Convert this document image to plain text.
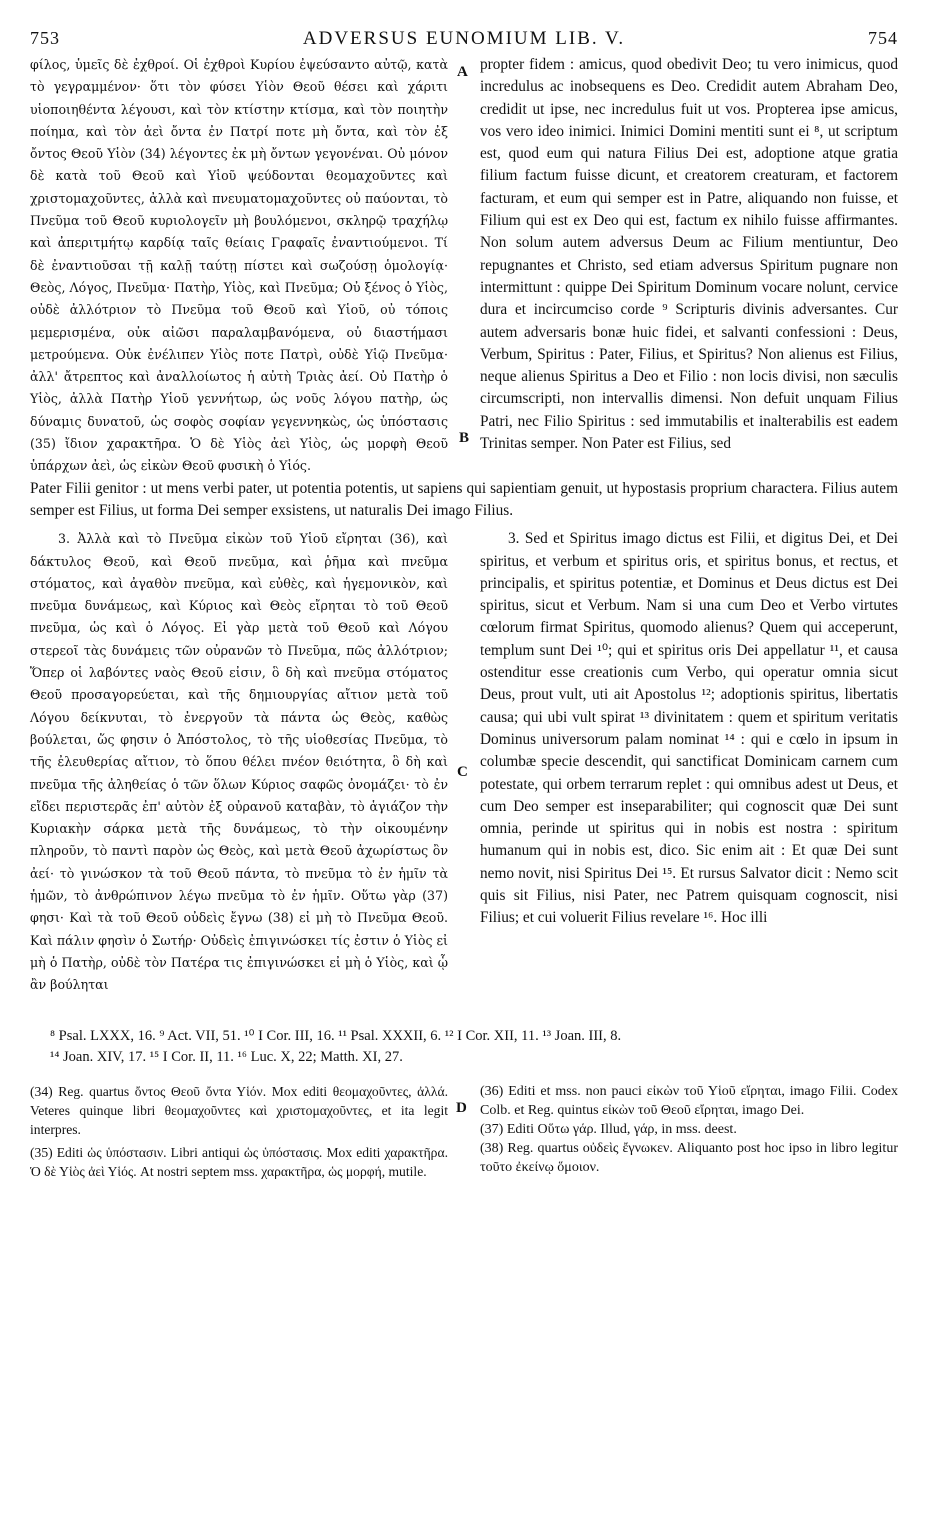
753	ADVERSUS EUNOMIUM LIB. V.	754

φίλος, ὑμεῖς δὲ ἐχθροί. Οἱ ἐχθροὶ Κυρίου ἐψεύσαντο αὐτῷ, κατὰ τὸ γεγραμμένον· ὅτι τὸν φύσει Υἱὸν Θεοῦ θέσει καὶ χάριτι υἱοποιηθέντα λέγουσι, καὶ τὸν κτίστην κτίσμα, καὶ τὸν ποιητὴν ποίημα, καὶ τὸν ἀεὶ ὄντα ἐν Πατρί ποτε μὴ ὄντα, καὶ τὸν ἐξ ὄντος Θεοῦ Υἱὸν (34) λέγοντες ἐκ μὴ ὄντων γεγονέναι. Οὐ μόνον δὲ κατὰ τοῦ Θεοῦ καὶ Υἱοῦ ψεύδονται θεομαχοῦντες καὶ χριστομαχοῦντες, ἀλλὰ καὶ πνευματομαχοῦντες οὐ παύονται, τὸ Πνεῦμα τοῦ Θεοῦ κυριολογεῖν μὴ βουλόμενοι, σκληρῷ τραχήλῳ καὶ ἀπεριτμήτῳ καρδίᾳ ταῖς θείαις Γραφαῖς ἐναντιούμενοι. Τί δὲ ἐναντιοῦσαι τῇ καλῇ ταύτῃ πίστει καὶ σωζούσῃ ὁμολογίᾳ· Θεὸς, Λόγος, Πνεῦμα· Πατὴρ, Υἱὸς, καὶ Πνεῦμα; Οὐ ξένος ὁ Υἱὸς, οὐδὲ ἀλλότριον τὸ Πνεῦμα τοῦ Θεοῦ καὶ Υἱοῦ, οὐ τόποις μεμερισμένα, οὐκ αἰῶσι παραλαμβανόμενα, οὐ διαστήμασι μετρούμενα. Οὐκ ἐνέλιπεν Υἱὸς ποτε Πατρὶ, οὐδὲ Υἱῷ Πνεῦμα· ἀλλ' ἄτρεπτος καὶ ἀναλλοίωτος ἡ αὐτὴ Τριὰς ἀεί. Οὐ Πατὴρ ὁ Υἱὸς, ἀλλὰ Πατὴρ Υἱοῦ γεννήτωρ, ὡς νοῦς λόγου πατὴρ, ὡς δύναμις δυνατοῦ, ὡς σοφὸς σοφίαν γεγεννηκὼς, ὡς ὑπόστασις (35) ἴδιον χαρακτῆρα. Ὁ δὲ Υἱὸς ἀεὶ Υἱὸς, ὡς μορφὴ Θεοῦ ὑπάρχων ἀεὶ, ὡς εἰκὼν Θεοῦ φυσικὴ ὁ Υἱός.

propter fidem : amicus, quod obedivit Deo; tu vero inimicus, quod incredulus ac inobsequens es Deo. Credidit autem Abraham Deo, credidit ut ipse, nec incredulus fuit ut vos. Propterea ipse amicus, vos vero ideo inimici. Inimici Domini mentiti sunt ei ⁸, ut scriptum est, quod eum qui natura Filius Dei est, adoptione atque gratia filium factum fuisse dicunt, et creatorem creaturam, et factorem facturam, et eum qui semper est in Patre, aliquando non fuisse, et Filium qui est ex Deo qui est, factum ex nihilo fuisse affirmantes. Non solum autem adversus Deum ac Filium mentiuntur, Deo repugnantes et Christo, sed etiam adversus Spiritum pugnare non intermittunt : quippe Dei Spiritum Dominum vocare nolunt, cervice dura et incircumciso corde ⁹ Scripturis divinis adversantes. Cur autem adversaris bonæ huic fidei, et salvanti confessioni : Deus, Verbum, Spiritus : Pater, Filius, et Spiritus? Non alienus est Filius, neque alienus Spiritus a Deo et Filio : non locis divisi, non sæculis circumscripti, non intervallis dimensi. Non defuit unquam Filius Patri, nec Filio Spiritus : sed immutabilis et inalterabilis est eadem Trinitas semper. Non Pater est Filius, sed

Pater Filii genitor : ut mens verbi pater, ut potentia potentis, ut sapiens qui sapientiam genuit, ut hypostasis proprium characterа. Filius autem semper est Filius, ut forma Dei semper exsistens, ut naturalis Dei imago Filius.

3. Ἀλλὰ καὶ τὸ Πνεῦμα εἰκὼν τοῦ Υἱοῦ εἴρηται (36), καὶ δάκτυλος Θεοῦ, καὶ Θεοῦ πνεῦμα, καὶ ῥῆμα καὶ πνεῦμα στόματος, καὶ ἀγαθὸν πνεῦμα, καὶ εὐθὲς, καὶ ἡγεμονικὸν, καὶ πνεῦμα δυνάμεως, καὶ Κύριος καὶ Θεὸς εἴρηται τὸ τοῦ Θεοῦ πνεῦμα, ὡς καὶ ὁ Λόγος. Εἰ γὰρ μετὰ τοῦ Θεοῦ καὶ Λόγου στερεοῖ τὰς δυνάμεις τῶν οὐρανῶν τὸ Πνεῦμα, πῶς ἀλλότριον; Ὅπερ οἱ λαβόντες ναὸς Θεοῦ εἰσιν, ὃ δὴ καὶ πνεῦμα στόματος Θεοῦ προσαγορεύεται, καὶ τῆς δημιουργίας αἴτιον μετὰ τοῦ Λόγου δείκνυται, τὸ ἐνεργοῦν τὰ πάντα ὡς Θεὸς, καθὼς βούλεται, ὥς φησιν ὁ Ἀπόστολος, τὸ τῆς υἱοθεσίας Πνεῦμα, τὸ τῆς ἐλευθερίας αἴτιον, τὸ ὅπου θέλει πνέον θειότητα, ὃ δὴ καὶ πνεῦμα τῆς ἀληθείας ὁ τῶν ὅλων Κύριος σαφῶς ὀνομάζει· τὸ ἐν εἴδει περιστερᾶς ἐπ' αὐτὸν ἐξ οὐρανοῦ καταβὰν, τὸ ἁγιάζον τὴν Κυριακὴν σάρκα μετὰ τῆς δυνάμεως, τὸ τὴν οἰκουμένην πληροῦν, τὸ παντὶ παρὸν ὡς Θεὸς, καὶ μετὰ Θεοῦ ἀχωρίστως ὂν ἀεί· τὸ γινώσκον τὰ τοῦ Θεοῦ πάντα, τὸ πνεῦμα τὸ ἐν ἡμῖν τὰ ἡμῶν, τὸ ἀνθρώπινον λέγω πνεῦμα τὸ ἐν ἡμῖν. Οὕτω γὰρ (37) φησι· Καὶ τὰ τοῦ Θεοῦ οὐδεὶς ἔγνω (38) εἰ μὴ τὸ Πνεῦμα Θεοῦ. Καὶ πάλιν φησὶν ὁ Σωτήρ· Οὐδεὶς ἐπιγινώσκει τίς ἐστιν ὁ Υἱὸς εἰ μὴ ὁ Πατὴρ, οὐδὲ τὸν Πατέρα τις ἐπιγινώσκει εἰ μὴ ὁ Υἱὸς, καὶ ᾧ ἂν βούληται

3. Sed et Spiritus imago dictus est Filii, et digitus Dei, et Dei spiritus, et verbum et spiritus oris, et spiritus bonus, et rectus, et principalis, et spiritus potentiæ, et Dominus et Deus dictus est Dei spiritus, sicut et Verbum. Nam si una cum Deo et Verbo virtutes cœlorum firmat Spiritus, quomodo alienus? Quem qui acceperunt, templum sunt Dei ¹⁰; qui et spiritus oris Dei appellatur ¹¹, et causa ostenditur esse creationis cum Verbo, qui operatur omnia sicut Deus, prout vult, uti ait Apostolus ¹²; adoptionis spiritus, libertatis causa; qui ubi vult spirat ¹³ divinitatem : quem et spiritum veritatis Dominus universorum palam nominat ¹⁴ : qui e cœlo in ipsum in columbæ specie descendit, qui sanctificat Dominicam carnem cum potestate, qui orbem terrarum replet : qui omnibus adest ut Deus, et cum Deo semper est inseparabiliter; qui cognoscit quæ Dei sunt omnia, perinde ut spiritus qui in nobis est nostra : spiritum humanum qui in nobis est, dico. Sic enim ait : Et quæ Dei sunt nemo novit, nisi Spiritus Dei ¹⁵. Et rursus Salvator dicit : Nemo scit quis sit Filius, nisi Pater, nec Patrem quisquam cognoscit, nisi Filius; et cui voluerit Filius revelare ¹⁶. Hoc illi

⁸ Psal. LXXX, 16. ⁹ Act. VII, 51. ¹⁰ I Cor. III, 16. ¹¹ Psal. XXXII, 6. ¹² I Cor. XII, 11. ¹³ Joan. III, 8.
¹⁴ Joan. XIV, 17. ¹⁵ I Cor. II, 11. ¹⁶ Luc. X, 22; Matth. XI, 27.

(34) Reg. quartus ὄντος Θεοῦ ὄντα Υἱόν. Mox editi θεομαχοῦντες, ἀλλά. Veteres quinque libri θεομαχοῦντες καὶ χριστομαχοῦντες, et ita legit interpres.

(35) Editi ὡς ὑπόστασιν. Libri antiqui ὡς ὑπόστασις. Mox editi χαρακτῆρα. Ὁ δὲ Υἱὸς ἀεὶ Υἱός. At nostri septem mss. χαρακτῆρα, ὡς μορφή, mutile.

(36) Editi et mss. non pauci εἰκὼν τοῦ Υἱοῦ εἴρηται, imago Filii. Codex Colb. et Reg. quintus εἰκὼν τοῦ Θεοῦ εἴρηται, imago Dei.

(37) Editi Οὕτω γάρ. Illud, γάρ, in mss. deest.

(38) Reg. quartus οὐδεὶς ἔγνωκεν. Aliquanto post hoc ipso in libro legitur τοῦτο ἐκείνῳ ὅμοιον.

A
B
C
D
